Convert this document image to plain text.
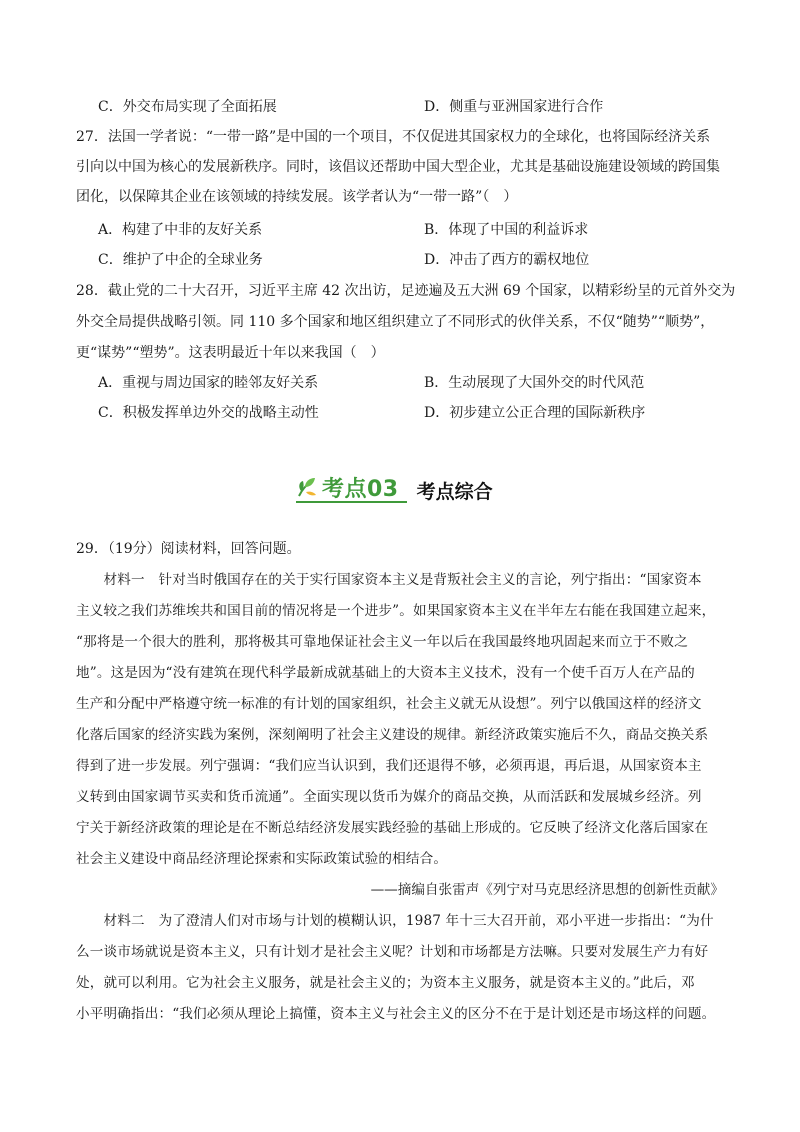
C．外交布局实现了全面拓展	D．侧重与亚洲国家进行合作
27．法国一学者说：“一带一路”是中国的一个项目，不仅促进其国家权力的全球化，也将国际经济关系
引向以中国为核心的发展新秩序。同时，该倡议还帮助中国大型企业，尤其是基础设施建设领域的跨国集
团化，以保障其企业在该领域的持续发展。该学者认为“一带一路”（　）
A．构建了中非的友好关系	B．体现了中国的利益诉求
C．维护了中企的全球业务	D．冲击了西方的霸权地位
28．截止党的二十大召开，习近平主席 42 次出访，足迹遍及五大洲 69 个国家，以精彩纷呈的元首外交为
外交全局提供战略引领。同 110 多个国家和地区组织建立了不同形式的伙伴关系，不仅“随势”“顺势”，
更“谋势”“塑势”。这表明最近十年以来我国（　）
A．重视与周边国家的睦邻友好关系	B．生动展现了大国外交的时代风范
C．积极发挥单边外交的战略主动性	D．初步建立公正合理的国际新秩序
考点03 考点综合
29．（19分）阅读材料，回答问题。
　　材料一　针对当时俄国存在的关于实行国家资本主义是背叛社会主义的言论，列宁指出：“国家资本
主义较之我们苏维埃共和国目前的情况将是一个进步”。如果国家资本主义在半年左右能在我国建立起来，
“那将是一个很大的胜利，那将极其可靠地保证社会主义一年以后在我国最终地巩固起来而立于不败之
地”。这是因为“没有建筑在现代科学最新成就基础上的大资本主义技术，没有一个使千百万人在产品的
生产和分配中严格遵守统一标准的有计划的国家组织，社会主义就无从设想”。列宁以俄国这样的经济文
化落后国家的经济实践为案例，深刻阐明了社会主义建设的规律。新经济政策实施后不久，商品交换关系
得到了进一步发展。列宁强调：“我们应当认识到，我们还退得不够，必须再退，再后退，从国家资本主
义转到由国家调节买卖和货币流通”。全面实现以货币为媒介的商品交换，从而活跃和发展城乡经济。列
宁关于新经济政策的理论是在不断总结经济发展实践经验的基础上形成的。它反映了经济文化落后国家在
社会主义建设中商品经济理论探索和实际政策试验的相结合。
——摘编自张雷声《列宁对马克思经济思想的创新性贡献》
　　材料二　为了澄清人们对市场与计划的模糊认识，1987 年十三大召开前，邓小平进一步指出：“为什
么一谈市场就说是资本主义，只有计划才是社会主义呢？计划和市场都是方法嘛。只要对发展生产力有好
处，就可以利用。它为社会主义服务，就是社会主义的；为资本主义服务，就是资本主义的。”此后，邓
小平明确指出：“我们必须从理论上搞懂，资本主义与社会主义的区分不在于是计划还是市场这样的问题。
